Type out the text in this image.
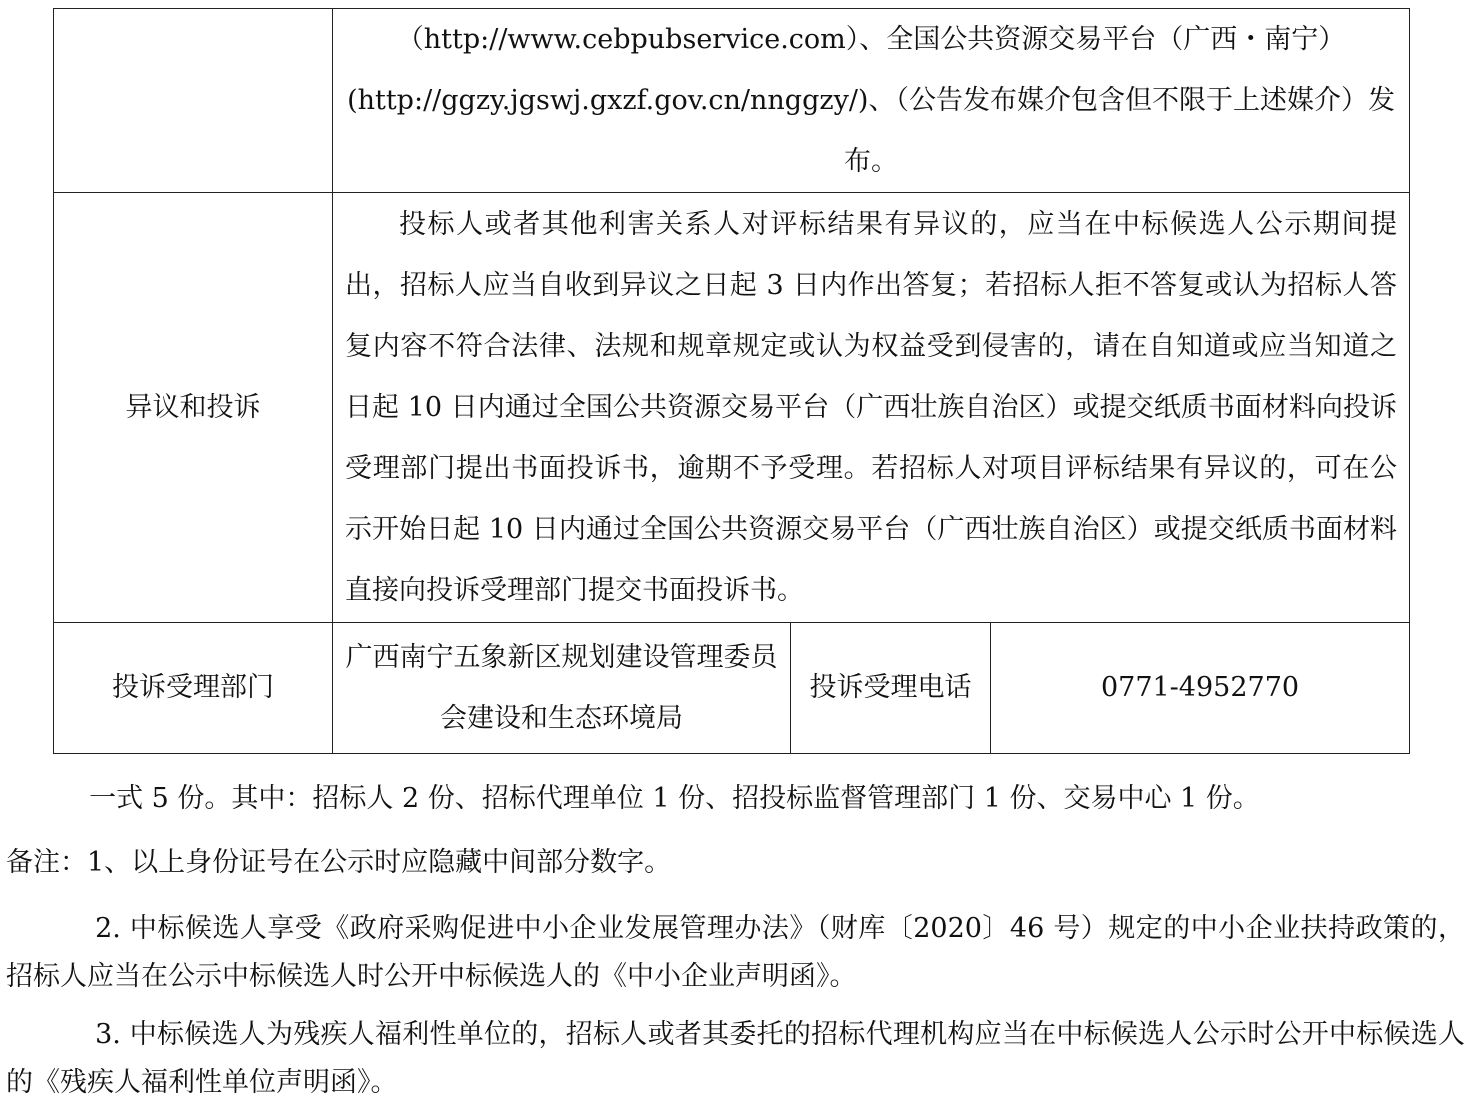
	（http://www.cebpubservice.com）、全国公共资源交易平台（广西・南宁）
(http://ggzy.jgswj.gxzf.gov.cn/nnggzy/)、（公告发布媒介包含但不限于上述媒介）发
布。		

异议和投诉	投标人或者其他利害关系人对评标结果有异议的，应当在中标候选人公示期间提出，招标人应当自收到异议之日起 3 日内作出答复；若招标人拒不答复或认为招标人答复内容不符合法律、法规和规章规定或认为权益受到侵害的，请在自知道或应当知道之日起 10 日内通过全国公共资源交易平台（广西壮族自治区）或提交纸质书面材料向投诉受理部门提出书面投诉书，逾期不予受理。若招标人对项目评标结果有异议的，可在公示开始日起 10 日内通过全国公共资源交易平台（广西壮族自治区）或提交纸质书面材料直接向投诉受理部门提交书面投诉书。		

投诉受理部门	广西南宁五象新区规划建设管理委员会建设和生态环境局	投诉受理电话	0771-4952770
一式 5 份。其中：招标人 2 份、招标代理单位 1 份、招投标监督管理部门 1 份、交易中心 1 份。
备注：1、以上身份证号在公示时应隐藏中间部分数字。
2. 中标候选人享受《政府采购促进中小企业发展管理办法》（财库〔2020〕46 号）规定的中小企业扶持政策的，招标人应当在公示中标候选人时公开中标候选人的《中小企业声明函》。
3. 中标候选人为残疾人福利性单位的，招标人或者其委托的招标代理机构应当在中标候选人公示时公开中标候选人的《残疾人福利性单位声明函》。
